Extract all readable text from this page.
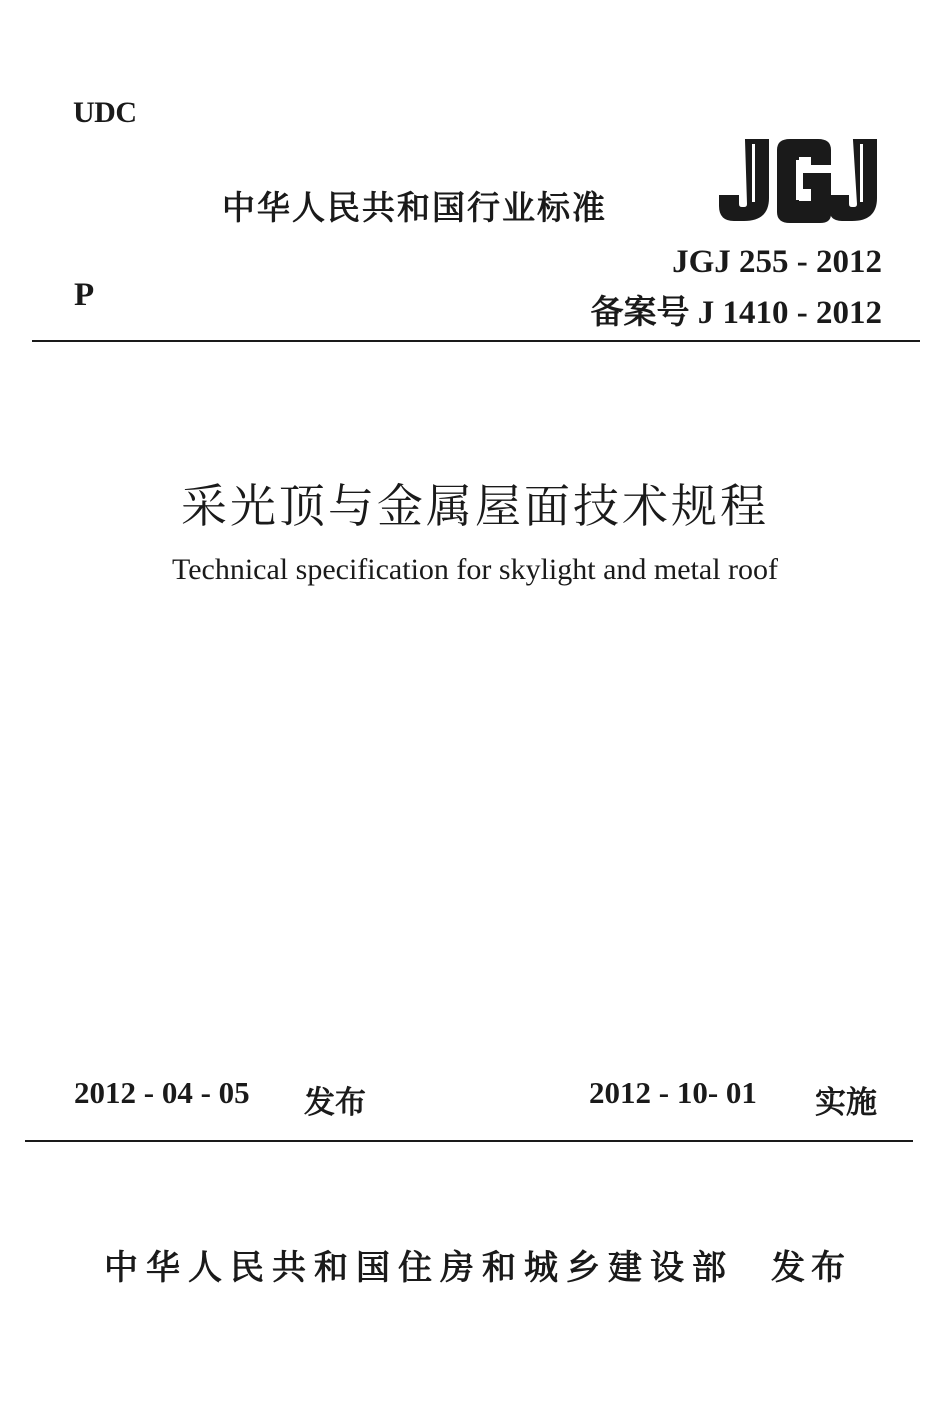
UDC
中华人民共和国行业标准
JGJ 255 - 2012
P	备案号 J 1410 - 2012
采光顶与金属屋面技术规程
Technical specification for skylight and metal roof
2012 - 04 - 05 发布	2012 - 10- 01 实施
中华人民共和国住房和城乡建设部 发布
